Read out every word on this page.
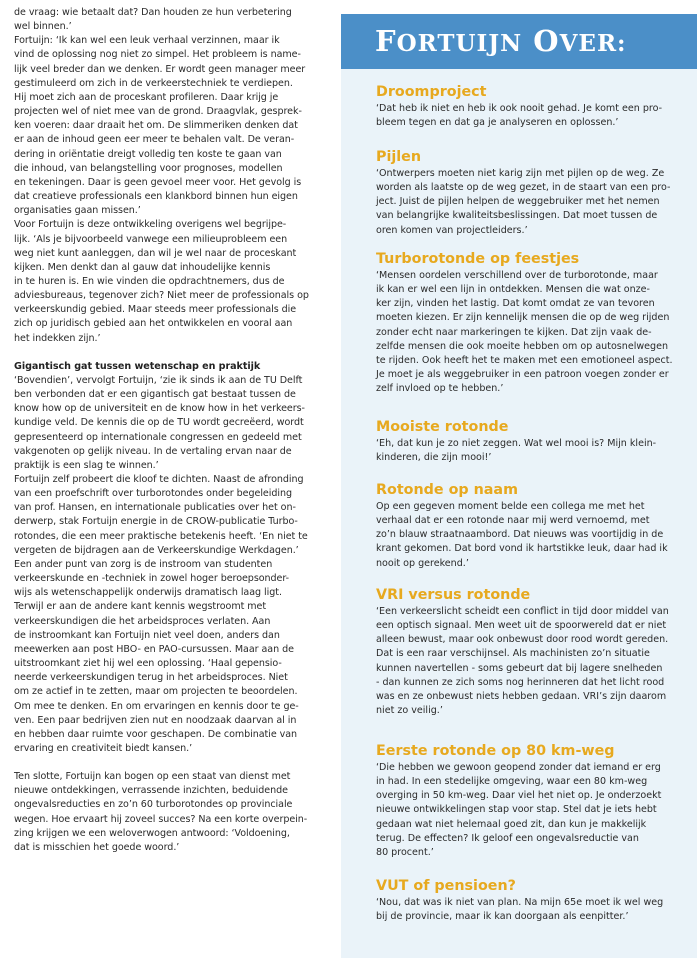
de vraag: wie betaalt dat? Dan houden ze hun verbetering

wel binnen.’

Fortuijn: ‘Ik kan wel een leuk verhaal verzinnen, maar ik

vind de oplossing nog niet zo simpel. Het probleem is name-

lijk veel breder dan we denken. Er wordt geen manager meer

gestimuleerd om zich in de verkeerstechniek te verdiepen.

Hij moet zich aan de proceskant profileren. Daar krijg je

projecten wel of niet mee van de grond. Draagvlak, gesprek-

ken voeren: daar draait het om. De slimmeriken denken dat

er aan de inhoud geen eer meer te behalen valt. De veran-

dering in oriëntatie dreigt volledig ten koste te gaan van

die inhoud, van belangstelling voor prognoses, modellen

en tekeningen. Daar is geen gevoel meer voor. Het gevolg is

dat creatieve professionals een klankbord binnen hun eigen

organisaties gaan missen.’

Voor Fortuijn is deze ontwikkeling overigens wel begrijpe-

lijk. ‘Als je bijvoorbeeld vanwege een milieuprobleem een

weg niet kunt aanleggen, dan wil je wel naar de proceskant

kijken. Men denkt dan al gauw dat inhoudelijke kennis

in te huren is. En wie vinden die opdrachtnemers, dus de

adviesbureaus, tegenover zich? Niet meer de professionals op

verkeerskundig gebied. Maar steeds meer professionals die

zich op juridisch gebied aan het ontwikkelen en vooral aan

het indekken zijn.’

Gigantisch gat tussen wetenschap en praktijk

‘Bovendien’, vervolgt Fortuijn, ‘zie ik sinds ik aan de TU Delft

ben verbonden dat er een gigantisch gat bestaat tussen de

know how op de universiteit en de know how in het verkeers-

kundige veld. De kennis die op de TU wordt gecreëerd, wordt

gepresenteerd op internationale congressen en gedeeld met

vakgenoten op gelijk niveau. In de vertaling ervan naar de

praktijk is een slag te winnen.’

Fortuijn zelf probeert die kloof te dichten. Naast de afronding

van een proefschrift over turborotondes onder begeleiding

van prof. Hansen, en internationale publicaties over het on-

derwerp, stak Fortuijn energie in de CROW-publicatie Turbo-

rotondes, die een meer praktische betekenis heeft. ‘En niet te

vergeten de bijdragen aan de Verkeerskundige Werkdagen.’

Een ander punt van zorg is de instroom van studenten

verkeerskunde en -techniek in zowel hoger beroepsonder-

wijs als wetenschappelijk onderwijs dramatisch laag ligt.

Terwijl er aan de andere kant kennis wegstroomt met

verkeerskundigen die het arbeidsproces verlaten. Aan

de instroomkant kan Fortuijn niet veel doen, anders dan

meewerken aan post HBO- en PAO-cursussen. Maar aan de

uitstroomkant ziet hij wel een oplossing. ‘Haal gepensio-

neerde verkeerskundigen terug in het arbeidsproces. Niet

om ze actief in te zetten, maar om projecten te beoordelen.

Om mee te denken. En om ervaringen en kennis door te ge-

ven. Een paar bedrijven zien nut en noodzaak daarvan al in

en hebben daar ruimte voor geschapen. De combinatie van

ervaring en creativiteit biedt kansen.’

Ten slotte, Fortuijn kan bogen op een staat van dienst met

nieuwe ontdekkingen, verrassende inzichten, beduidende

ongevalsreducties en zo’n 60 turborotondes op provinciale

wegen. Hoe ervaart hij zoveel succes? Na een korte overpein-

zing krijgen we een weloverwogen antwoord: ‘Voldoening,

dat is misschien het goede woord.’

FORTUIJN OVER:
Droomproject

‘Dat heb ik niet en heb ik ook nooit gehad. Je komt een pro-

bleem tegen en dat ga je analyseren en oplossen.’

Pijlen

‘Ontwerpers moeten niet karig zijn met pijlen op de weg. Ze

worden als laatste op de weg gezet, in de staart van een pro-

ject. Juist de pijlen helpen de weggebruiker met het nemen

van belangrijke kwaliteitsbeslissingen. Dat moet tussen de

oren komen van projectleiders.’

Turborotonde op feestjes

‘Mensen oordelen verschillend over de turborotonde, maar

ik kan er wel een lijn in ontdekken. Mensen die wat onze-

ker zijn, vinden het lastig. Dat komt omdat ze van tevoren

moeten kiezen. Er zijn kennelijk mensen die op de weg rijden

zonder echt naar markeringen te kijken. Dat zijn vaak de-

zelfde mensen die ook moeite hebben om op autosnelwegen

te rijden. Ook heeft het te maken met een emotioneel aspect.

Je moet je als weggebruiker in een patroon voegen zonder er

zelf invloed op te hebben.’

Mooiste rotonde

‘Eh, dat kun je zo niet zeggen. Wat wel mooi is? Mijn klein-

kinderen, die zijn mooi!’

Rotonde op naam

Op een gegeven moment belde een collega me met het

verhaal dat er een rotonde naar mij werd vernoemd, met

zo’n blauw straatnaambord. Dat nieuws was voortijdig in de

krant gekomen. Dat bord vond ik hartstikke leuk, daar had ik

nooit op gerekend.’

VRI versus rotonde

‘Een verkeerslicht scheidt een conflict in tijd door middel van

een optisch signaal. Men weet uit de spoorwereld dat er niet

alleen bewust, maar ook onbewust door rood wordt gereden.

Dat is een raar verschijnsel. Als machinisten zo’n situatie

kunnen navertellen - soms gebeurt dat bij lagere snelheden

- dan kunnen ze zich soms nog herinneren dat het licht rood

was en ze onbewust niets hebben gedaan. VRI’s zijn daarom

niet zo veilig.’

Eerste rotonde op 80 km-weg

‘Die hebben we gewoon geopend zonder dat iemand er erg

in had. In een stedelijke omgeving, waar een 80 km-weg

overging in 50 km-weg. Daar viel het niet op. Je onderzoekt

nieuwe ontwikkelingen stap voor stap. Stel dat je iets hebt

gedaan wat niet helemaal goed zit, dan kun je makkelijk

terug. De effecten? Ik geloof een ongevalsreductie van

80 procent.’

VUT of pensioen?

‘Nou, dat was ik niet van plan. Na mijn 65e moet ik wel weg

bij de provincie, maar ik kan doorgaan als eenpitter.’
